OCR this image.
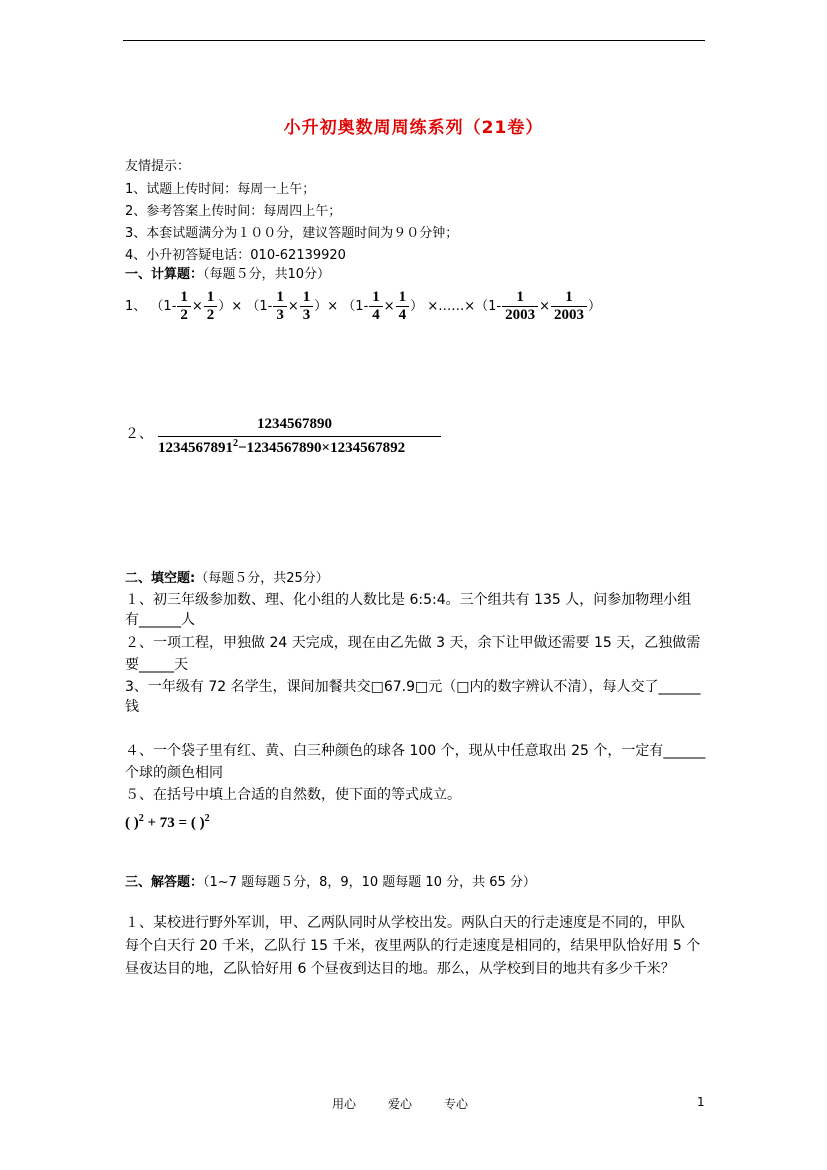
小升初奥数周周练系列（21卷）
友情提示：
1、试题上传时间：每周一上午；
2、参考答案上传时间：每周四上午；
3、本套试题满分为１００分，建议答题时间为９０分钟；
4、小升初答疑电话：010-62139920
一、计算题：（每题５分，共10分）
1、 （$1- \frac{1}{2} \times \frac{1}{2}$ ）× （$1- \frac{1}{3} \times \frac{1}{3}$ ）× （$1- \frac{1}{4} \times \frac{1}{4}$ ） ×……×（1- $\frac{1}{2003} \times \frac{1}{2003}$ ）
２、
1234567890
$1234567891^2-1234567890\times 1234567892$
二、填空题:（每题５分，共25分）
１、初三年级参加数、理、化小组的人数比是 6:5:4。三个组共有 135 人，问参加物理小组
有______人
２、一项工程，甲独做 24 天完成，现在由乙先做 3 天，余下让甲做还需要 15 天，乙独做需
要_____天
3、一年级有 72 名学生，课间加餐共交□67.9□元（□内的数字辨认不清），每人交了______
钱
４、一个袋子里有红、黄、白三种颜色的球各 100 个，现从中任意取出 25 个，一定有______
个球的颜色相同
５、在括号中填上合适的自然数，使下面的等式成立。
( )$^2$ + 73 = ( )$^2$
三、解答题：（1~7 题每题５分，8，9，10 题每题 10 分，共 65 分）
１、某校进行野外军训，甲、乙两队同时从学校出发。两队白天的行走速度是不同的，甲队
每个白天行 20 千米，乙队行 15 千米，夜里两队的行走速度是相同的，结果甲队恰好用 5 个
昼夜达目的地，乙队恰好用 6 个昼夜到达目的地。那么，从学校到目的地共有多少千米？
用心	爱心	专心	1
